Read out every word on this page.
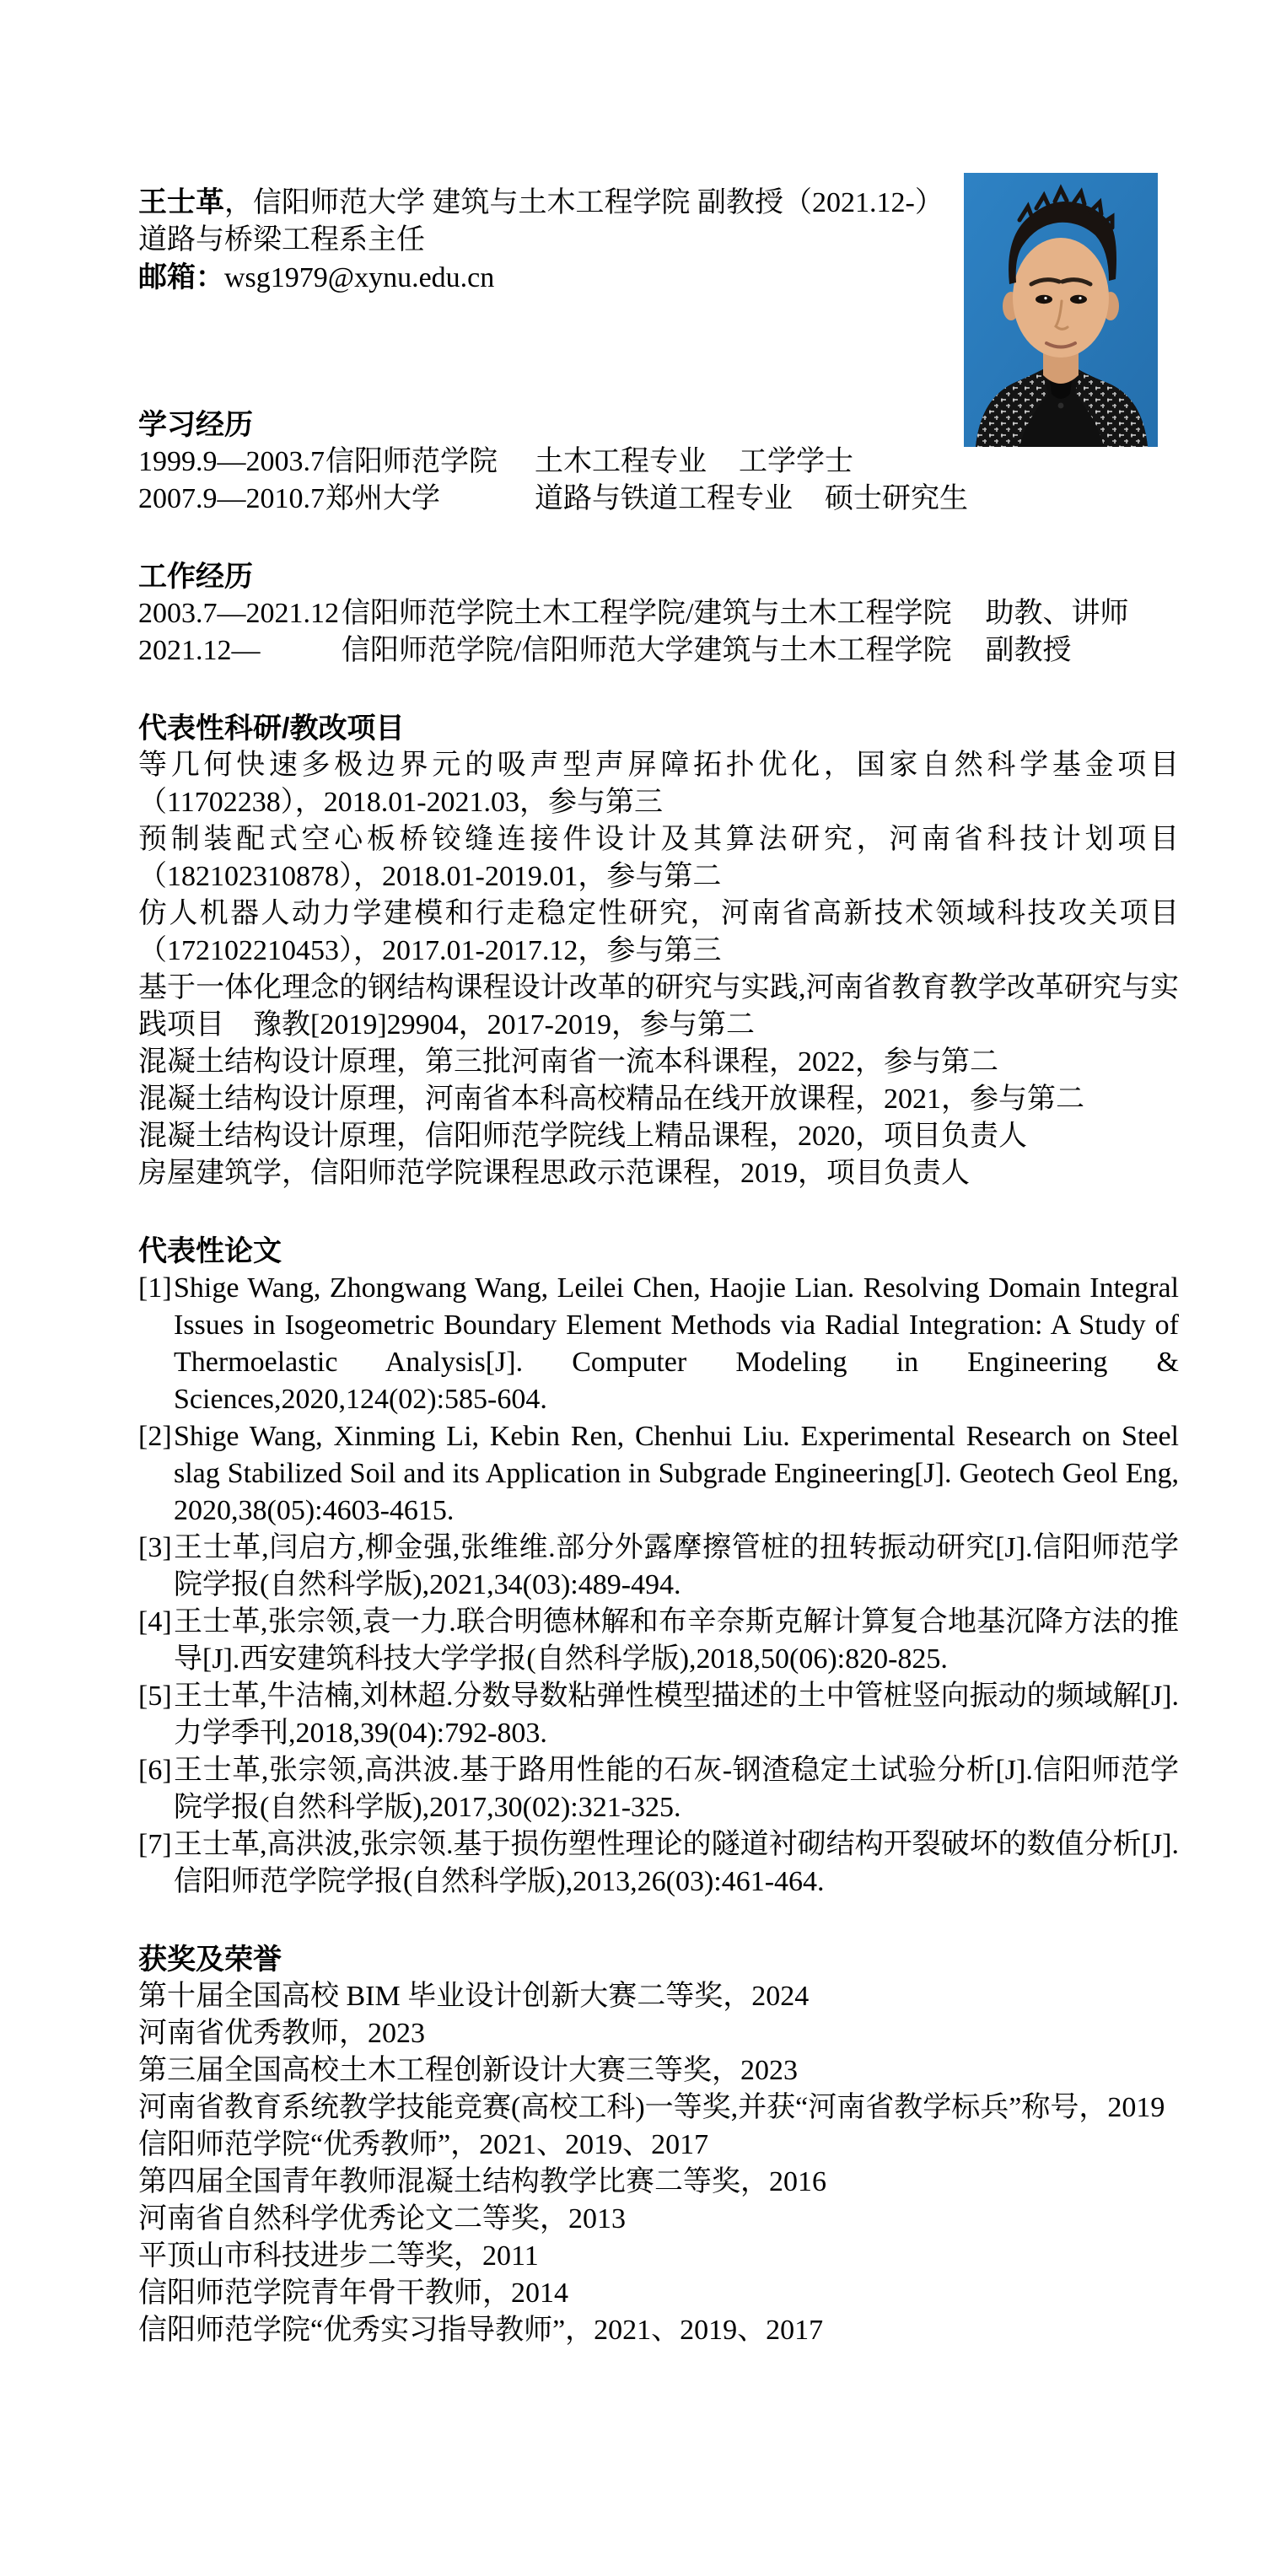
王士革，信阳师范大学 建筑与土木工程学院 副教授（2021.12-）

道路与桥梁工程系主任

邮箱：wsg1979@xynu.edu.cn

学习经历
1999.9—2003.7信阳师范学院 土木工程专业 工学学士
2007.9—2010.7郑州大学	道路与铁道工程专业 硕士研究生
工作经历
2003.7—2021.12信阳师范学院土木工程学院/建筑与土木工程学院 助教、讲师
2021.12—	信阳师范学院/信阳师范大学建筑与土木工程学院 副教授
代表性科研/教改项目

等几何快速多极边界元的吸声型声屏障拓扑优化，国家自然科学基金项目（11702238），2018.01-2021.03，参与第三

预制装配式空心板桥铰缝连接件设计及其算法研究，河南省科技计划项目（182102310878），2018.01-2019.01，参与第二

仿人机器人动力学建模和行走稳定性研究，河南省高新技术领域科技攻关项目（172102210453），2017.01-2017.12，参与第三

基于一体化理念的钢结构课程设计改革的研究与实践,河南省教育教学改革研究与实践项目　豫教[2019]29904，2017-2019，参与第二

混凝土结构设计原理，第三批河南省一流本科课程，2022，参与第二

混凝土结构设计原理，河南省本科高校精品在线开放课程，2021，参与第二

混凝土结构设计原理，信阳师范学院线上精品课程，2020，项目负责人

房屋建筑学，信阳师范学院课程思政示范课程，2019，项目负责人

代表性论文
[1] Shige Wang, Zhongwang Wang, Leilei Chen, Haojie Lian. Resolving Domain Integral Issues in Isogeometric Boundary Element Methods via Radial Integration: A Study of Thermoelastic Analysis[J]. Computer Modeling in Engineering & Sciences,2020,124(02):585-604.
[2] Shige Wang, Xinming Li, Kebin Ren, Chenhui Liu. Experimental Research on Steel slag Stabilized Soil and its Application in Subgrade Engineering[J]. Geotech Geol Eng, 2020,38(05):4603-4615.
[3] 王士革,闫启方,柳金强,张维维.部分外露摩擦管桩的扭转振动研究[J].信阳师范学院学报(自然科学版),2021,34(03):489-494.
[4] 王士革,张宗领,袁一力.联合明德林解和布辛奈斯克解计算复合地基沉降方法的推导[J].西安建筑科技大学学报(自然科学版),2018,50(06):820-825.
[5] 王士革,牛洁楠,刘林超.分数导数粘弹性模型描述的土中管桩竖向振动的频域解[J].力学季刊,2018,39(04):792-803.
[6] 王士革,张宗领,高洪波.基于路用性能的石灰-钢渣稳定土试验分析[J].信阳师范学院学报(自然科学版),2017,30(02):321-325.
[7] 王士革,高洪波,张宗领.基于损伤塑性理论的隧道衬砌结构开裂破坏的数值分析[J].信阳师范学院学报(自然科学版),2013,26(03):461-464.
获奖及荣誉

第十届全国高校 BIM 毕业设计创新大赛二等奖，2024

河南省优秀教师，2023

第三届全国高校土木工程创新设计大赛三等奖，2023

河南省教育系统教学技能竞赛(高校工科)一等奖,并获“河南省教学标兵”称号，2019

信阳师范学院“优秀教师”，2021、2019、2017

第四届全国青年教师混凝土结构教学比赛二等奖，2016

河南省自然科学优秀论文二等奖，2013

平顶山市科技进步二等奖，2011

信阳师范学院青年骨干教师，2014

信阳师范学院“优秀实习指导教师”，2021、2019、2017
